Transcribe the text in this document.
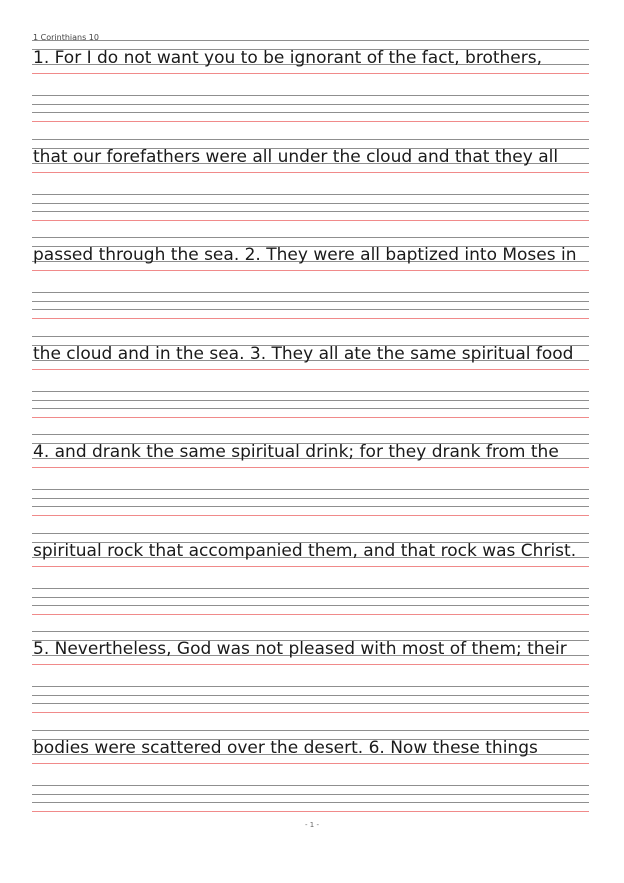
1 Corinthians 10
1. For I do not want you to be ignorant of the fact, brothers,
that our forefathers were all under the cloud and that they all
passed through the sea. 2. They were all baptized into Moses in
the cloud and in the sea. 3. They all ate the same spiritual food
4. and drank the same spiritual drink; for they drank from the
spiritual rock that accompanied them, and that rock was Christ.
5. Nevertheless, God was not pleased with most of them; their
bodies were scattered over the desert. 6. Now these things
- 1 -
